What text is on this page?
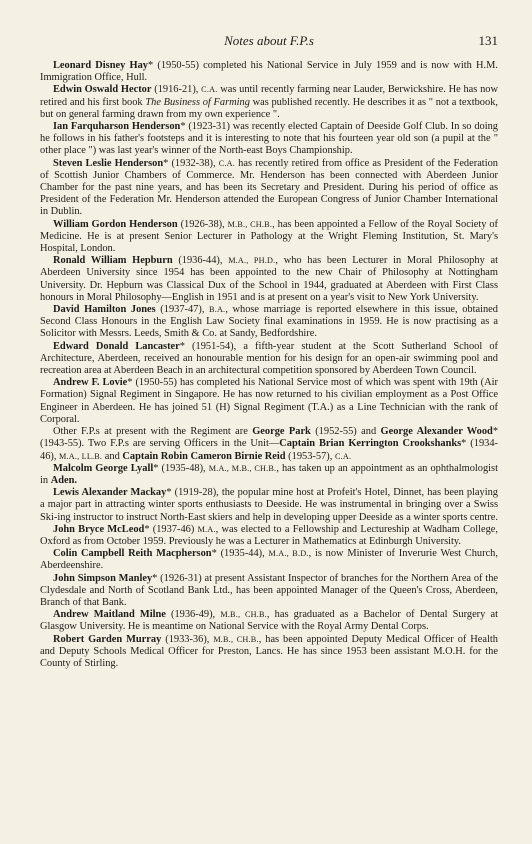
Notes about F.P.s	131

Leonard Disney Hay* (1950-55) completed his National Service in July 1959 and is now with H.M. Immigration Office, Hull.

Edwin Oswald Hector (1916-21), C.A. was until recently farming near Lauder, Berwickshire. He has now retired and his first book The Business of Farming was published recently. He describes it as " not a textbook, but on general farming drawn from my own experience ".

Ian Farquharson Henderson* (1923-31) was recently elected Captain of Deeside Golf Club. In so doing he follows in his father's footsteps and it is interesting to note that his fourteen year old son (a pupil at the " other place ") was last year's winner of the North-east Boys Championship.

Steven Leslie Henderson* (1932-38), C.A. has recently retired from office as President of the Federation of Scottish Junior Chambers of Commerce. Mr. Henderson has been connected with Aberdeen Junior Chamber for the past nine years, and has been its Secretary and President. During his period of office as President of the Federation Mr. Henderson attended the European Congress of Junior Chamber International in Dublin.

William Gordon Henderson (1926-38), M.B., CH.B., has been appointed a Fellow of the Royal Society of Medicine. He is at present Senior Lecturer in Pathology at the Wright Fleming Institution, St. Mary's Hospital, London.

Ronald William Hepburn (1936-44), M.A., PH.D., who has been Lecturer in Moral Philosophy at Aberdeen University since 1954 has been appointed to the new Chair of Philosophy at Nottingham University. Dr. Hepburn was Classical Dux of the School in 1944, graduated at Aberdeen with First Class honours in Moral Philosophy—English in 1951 and is at present on a year's visit to New York University.

David Hamilton Jones (1937-47), B.A., whose marriage is reported elsewhere in this issue, obtained Second Class Honours in the English Law Society final examinations in 1959. He is now practising as a Solicitor with Messrs. Leeds, Smith & Co. at Sandy, Bedfordshire.

Edward Donald Lancaster* (1951-54), a fifth-year student at the Scott Sutherland School of Architecture, Aberdeen, received an honourable mention for his design for an open-air swimming pool and recreation area at Aberdeen Beach in an architectural competition sponsored by Aberdeen Town Council.

Andrew F. Lovie* (1950-55) has completed his National Service most of which was spent with 19th (Air Formation) Signal Regiment in Singapore. He has now returned to his civilian employment as a Post Office Engineer in Aberdeen. He has joined 51 (H) Signal Regiment (T.A.) as a Line Technician with the rank of Corporal.

Other F.P.s at present with the Regiment are George Park (1952-55) and George Alexander Wood* (1943-55). Two F.P.s are serving Officers in the Unit—Captain Brian Kerrington Crookshanks* (1934-46), M.A., LL.B. and Captain Robin Cameron Birnie Reid (1953-57), C.A.

Malcolm George Lyall* (1935-48), M.A., M.B., CH.B., has taken up an appointment as an ophthalmologist in Aden.

Lewis Alexander Mackay* (1919-28), the popular mine host at Profeit's Hotel, Dinnet, has been playing a major part in attracting winter sports enthusiasts to Deeside. He was instrumental in bringing over a Swiss Ski-ing instructor to instruct North-East skiers and help in developing upper Deeside as a winter sports centre.

John Bryce McLeod* (1937-46) M.A., was elected to a Fellowship and Lectureship at Wadham College, Oxford as from October 1959. Previously he was a Lecturer in Mathematics at Edinburgh University.

Colin Campbell Reith Macpherson* (1935-44), M.A., B.D., is now Minister of Inverurie West Church, Aberdeenshire.

John Simpson Manley* (1926-31) at present Assistant Inspector of branches for the Northern Area of the Clydesdale and North of Scotland Bank Ltd., has been appointed Manager of the Queen's Cross, Aberdeen, Branch of that Bank.

Andrew Maitland Milne (1936-49), M.B., CH.B., has graduated as a Bachelor of Dental Surgery at Glasgow University. He is meantime on National Service with the Royal Army Dental Corps.

Robert Garden Murray (1933-36), M.B., CH.B., has been appointed Deputy Medical Officer of Health and Deputy Schools Medical Officer for Preston, Lancs. He has since 1953 been assistant M.O.H. for the County of Stirling.
